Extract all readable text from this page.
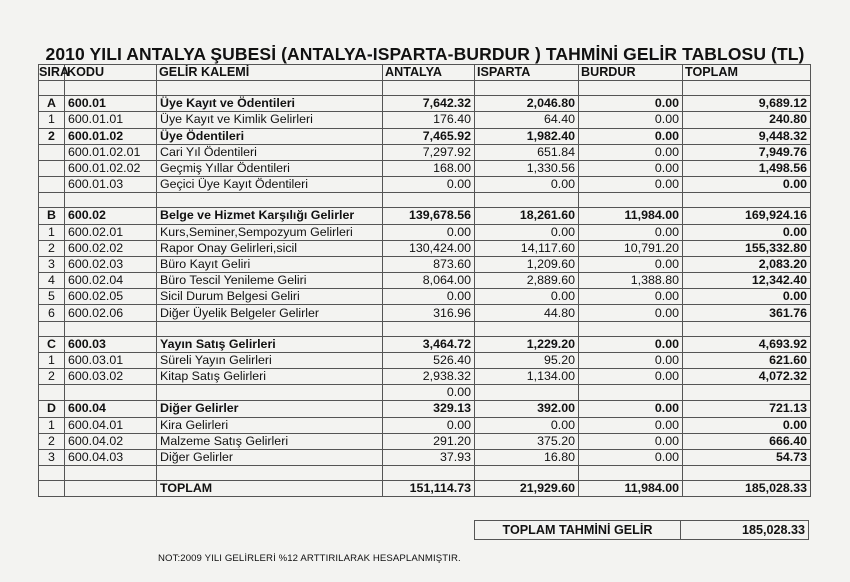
2010 YILI ANTALYA ŞUBESİ (ANTALYA-ISPARTA-BURDUR ) TAHMİNİ GELİR TABLOSU (TL)
SIRA	KODU	GELİR KALEMİ	ANTALYA	ISPARTA	BURDUR	TOPLAM

A	600.01	Üye Kayıt ve Ödentileri	7,642.32	2,046.80	0.00	9,689.12
1	600.01.01	Üye Kayıt ve Kimlik Gelirleri	176.40	64.40	0.00	240.80
2	600.01.02	Üye Ödentileri	7,465.92	1,982.40	0.00	9,448.32
	600.01.02.01	Cari Yıl Ödentileri	7,297.92	651.84	0.00	7,949.76
	600.01.02.02	Geçmiş Yıllar Ödentileri	168.00	1,330.56	0.00	1,498.56
	600.01.03	Geçici Üye Kayıt Ödentileri	0.00	0.00	0.00	0.00

B	600.02	Belge ve Hizmet Karşılığı Gelirler	139,678.56	18,261.60	11,984.00	169,924.16
1	600.02.01	Kurs,Seminer,Sempozyum Gelirleri	0.00	0.00	0.00	0.00
2	600.02.02	Rapor Onay Gelirleri,sicil	130,424.00	14,117.60	10,791.20	155,332.80
3	600.02.03	Büro Kayıt Geliri	873.60	1,209.60	0.00	2,083.20
4	600.02.04	Büro Tescil Yenileme Geliri	8,064.00	2,889.60	1,388.80	12,342.40
5	600.02.05	Sicil Durum Belgesi Geliri	0.00	0.00	0.00	0.00
6	600.02.06	Diğer Üyelik Belgeler Gelirler	316.96	44.80	0.00	361.76

C	600.03	Yayın Satış Gelirleri	3,464.72	1,229.20	0.00	4,693.92
1	600.03.01	Süreli Yayın Gelirleri	526.40	95.20	0.00	621.60
2	600.03.02	Kitap Satış Gelirleri	2,938.32	1,134.00	0.00	4,072.32
			0.00			
D	600.04	Diğer Gelirler	329.13	392.00	0.00	721.13
1	600.04.01	Kira Gelirleri	0.00	0.00	0.00	0.00
2	600.04.02	Malzeme Satış Gelirleri	291.20	375.20	0.00	666.40
3	600.04.03	Diğer Gelirler	37.93	16.80	0.00	54.73

		TOPLAM	151,114.73	21,929.60	11,984.00	185,028.33
TOPLAM TAHMİNİ GELİR	185,028.33
NOT:2009 YILI GELİRLERİ %12 ARTTIRILARAK HESAPLANMIŞTIR.
